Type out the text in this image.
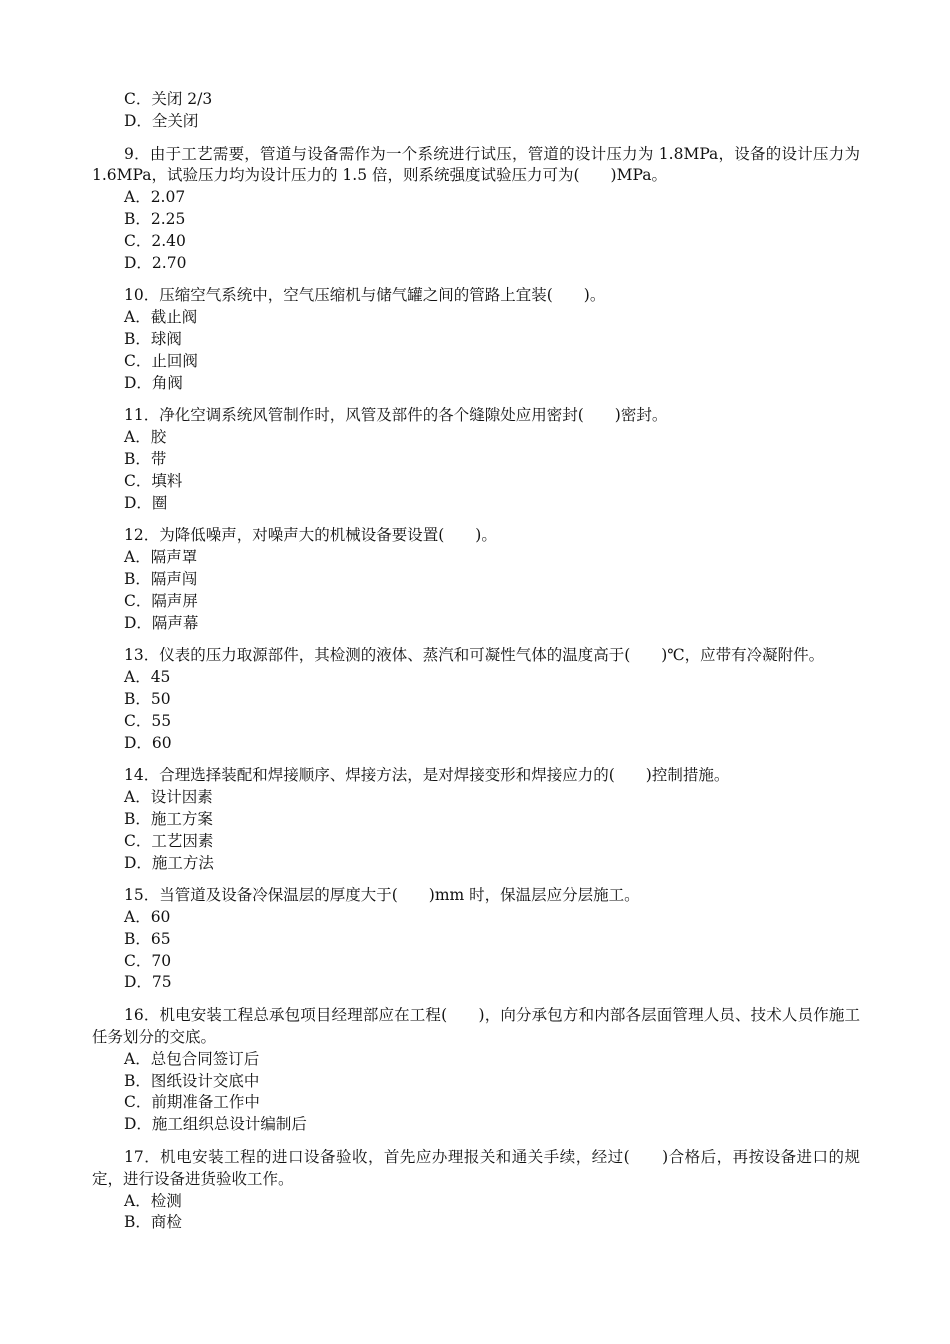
C．关闭 2/3
D．全关闭
9．由于工艺需要，管道与设备需作为一个系统进行试压，管道的设计压力为 1.8MPa，设备的设计压力为 1.6MPa，试验压力均为设计压力的 1.5 倍，则系统强度试验压力可为(　　)MPa。
A．2.07
B．2.25
C．2.40
D．2.70
10．压缩空气系统中，空气压缩机与储气罐之间的管路上宜装(　　)。
A．截止阀
B．球阀
C．止回阀
D．角阀
11．净化空调系统风管制作时，风管及部件的各个缝隙处应用密封(　　)密封。
A．胶
B．带
C．填料
D．圈
12．为降低噪声，对噪声大的机械设备要设置(　　)。
A．隔声罩
B．隔声闯
C．隔声屏
D．隔声幕
13．仪表的压力取源部件，其检测的液体、蒸汽和可凝性气体的温度高于(　　)℃，应带有冷凝附件。
A．45
B．50
C．55
D．60
14．合理选择装配和焊接顺序、焊接方法，是对焊接变形和焊接应力的(　　)控制措施。
A．设计因素
B．施工方案
C．工艺因素
D．施工方法
15．当管道及设备冷保温层的厚度大于(　　)mm 时，保温层应分层施工。
A．60
B．65
C．70
D．75
16．机电安装工程总承包项目经理部应在工程(　　)，向分承包方和内部各层面管理人员、技术人员作施工任务划分的交底。
A．总包合同签订后
B．图纸设计交底中
C．前期准备工作中
D．施工组织总设计编制后
17．机电安装工程的进口设备验收，首先应办理报关和通关手续，经过(　　)合格后，再按设备进口的规定，进行设备进货验收工作。
A．检测
B．商检
